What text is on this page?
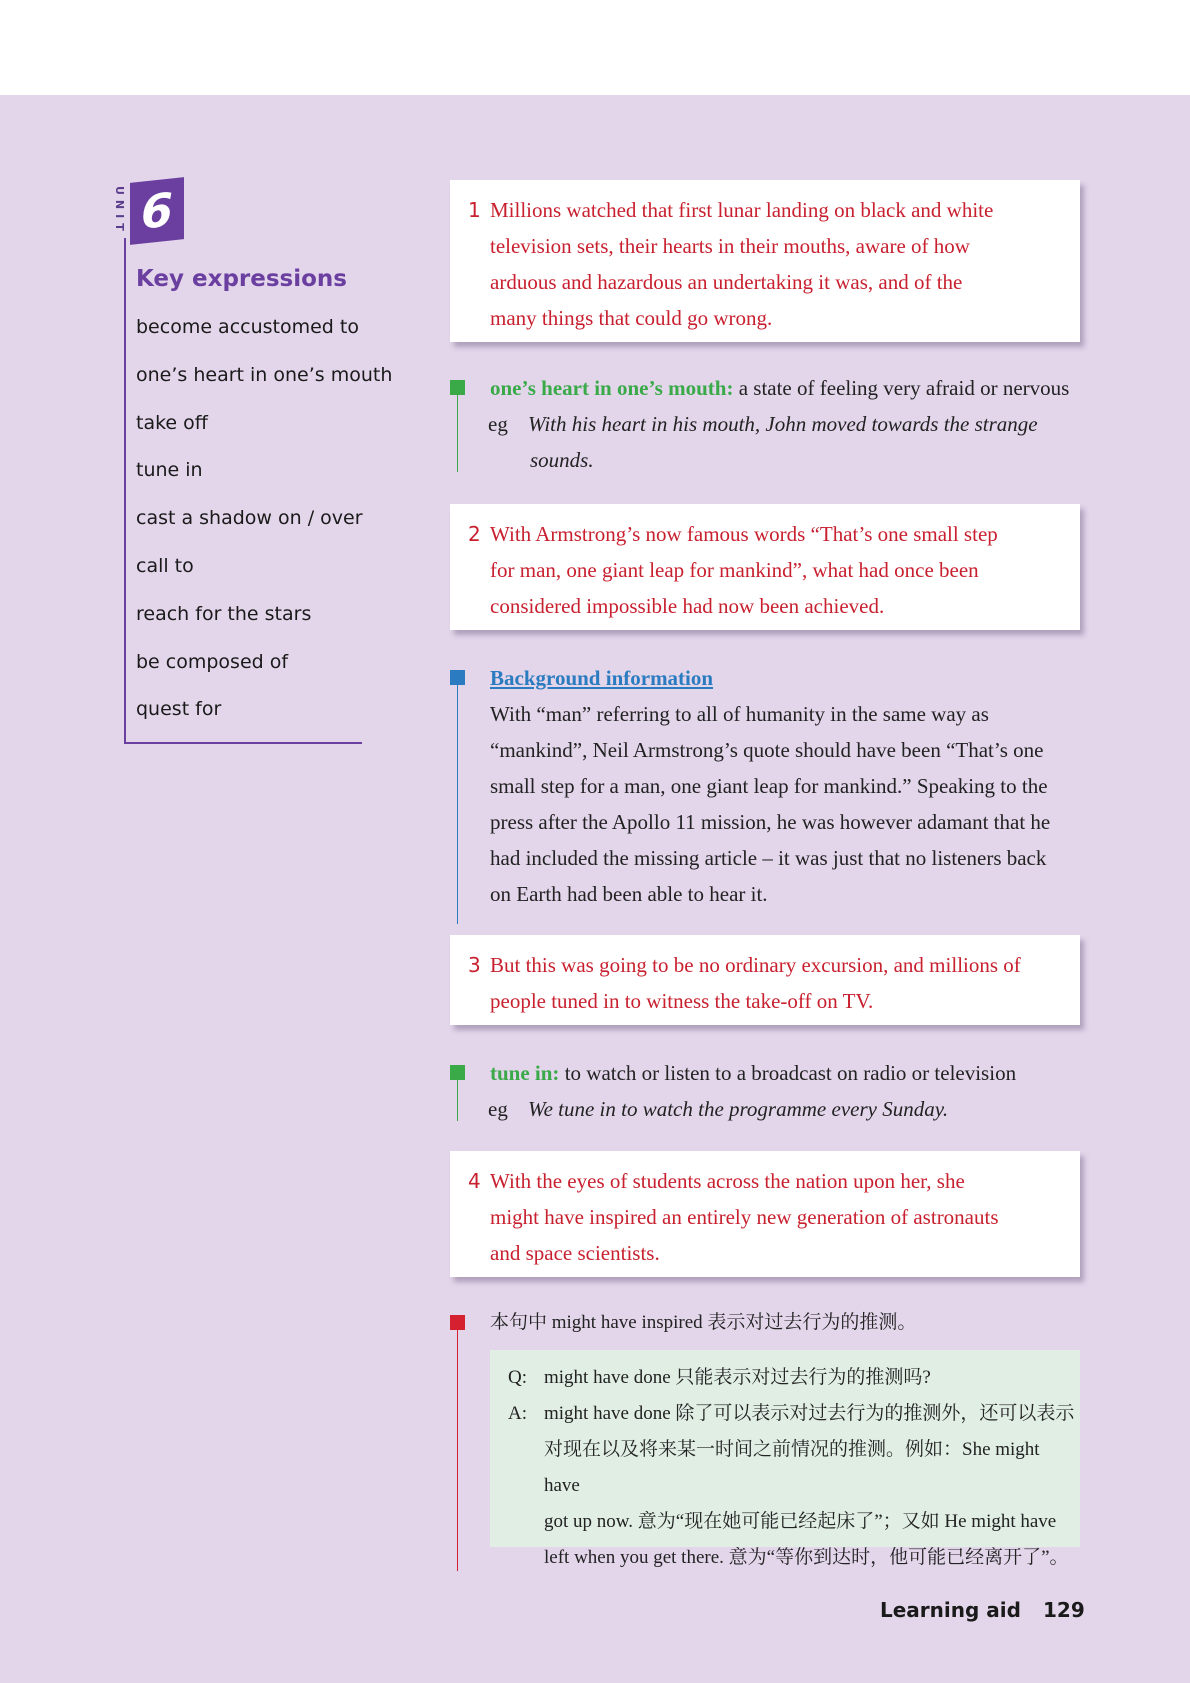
UNIT 6
Key expressions
become accustomed to
one’s heart in one’s mouth
take off
tune in
cast a shadow on / over
call to
reach for the stars
be composed of
quest for
1 Millions watched that first lunar landing on black and white
television sets, their hearts in their mouths, aware of how
arduous and hazardous an undertaking it was, and of the
many things that could go wrong.
one’s heart in one’s mouth: a state of feeling very afraid or nervous
eg With his heart in his mouth, John moved towards the strange
sounds.
2 With Armstrong’s now famous words “That’s one small step
for man, one giant leap for mankind”, what had once been
considered impossible had now been achieved.
Background information
With “man” referring to all of humanity in the same way as
“mankind”, Neil Armstrong’s quote should have been “That’s one
small step for a man, one giant leap for mankind.” Speaking to the
press after the Apollo 11 mission, he was however adamant that he
had included the missing article – it was just that no listeners back
on Earth had been able to hear it.
3 But this was going to be no ordinary excursion, and millions of
people tuned in to witness the take-off on TV.
tune in: to watch or listen to a broadcast on radio or television
eg We tune in to watch the programme every Sunday.
4 With the eyes of students across the nation upon her, she
might have inspired an entirely new generation of astronauts
and space scientists.
本句中 might have inspired 表示对过去行为的推测。
Q: might have done 只能表示对过去行为的推测吗?
A: might have done 除了可以表示对过去行为的推测外，还可以表示
对现在以及将来某一时间之前情况的推测。例如：She might have
got up now. 意为“现在她可能已经起床了”；又如 He might have
left when you get there. 意为“等你到达时，他可能已经离开了”。
Learning aid 129
